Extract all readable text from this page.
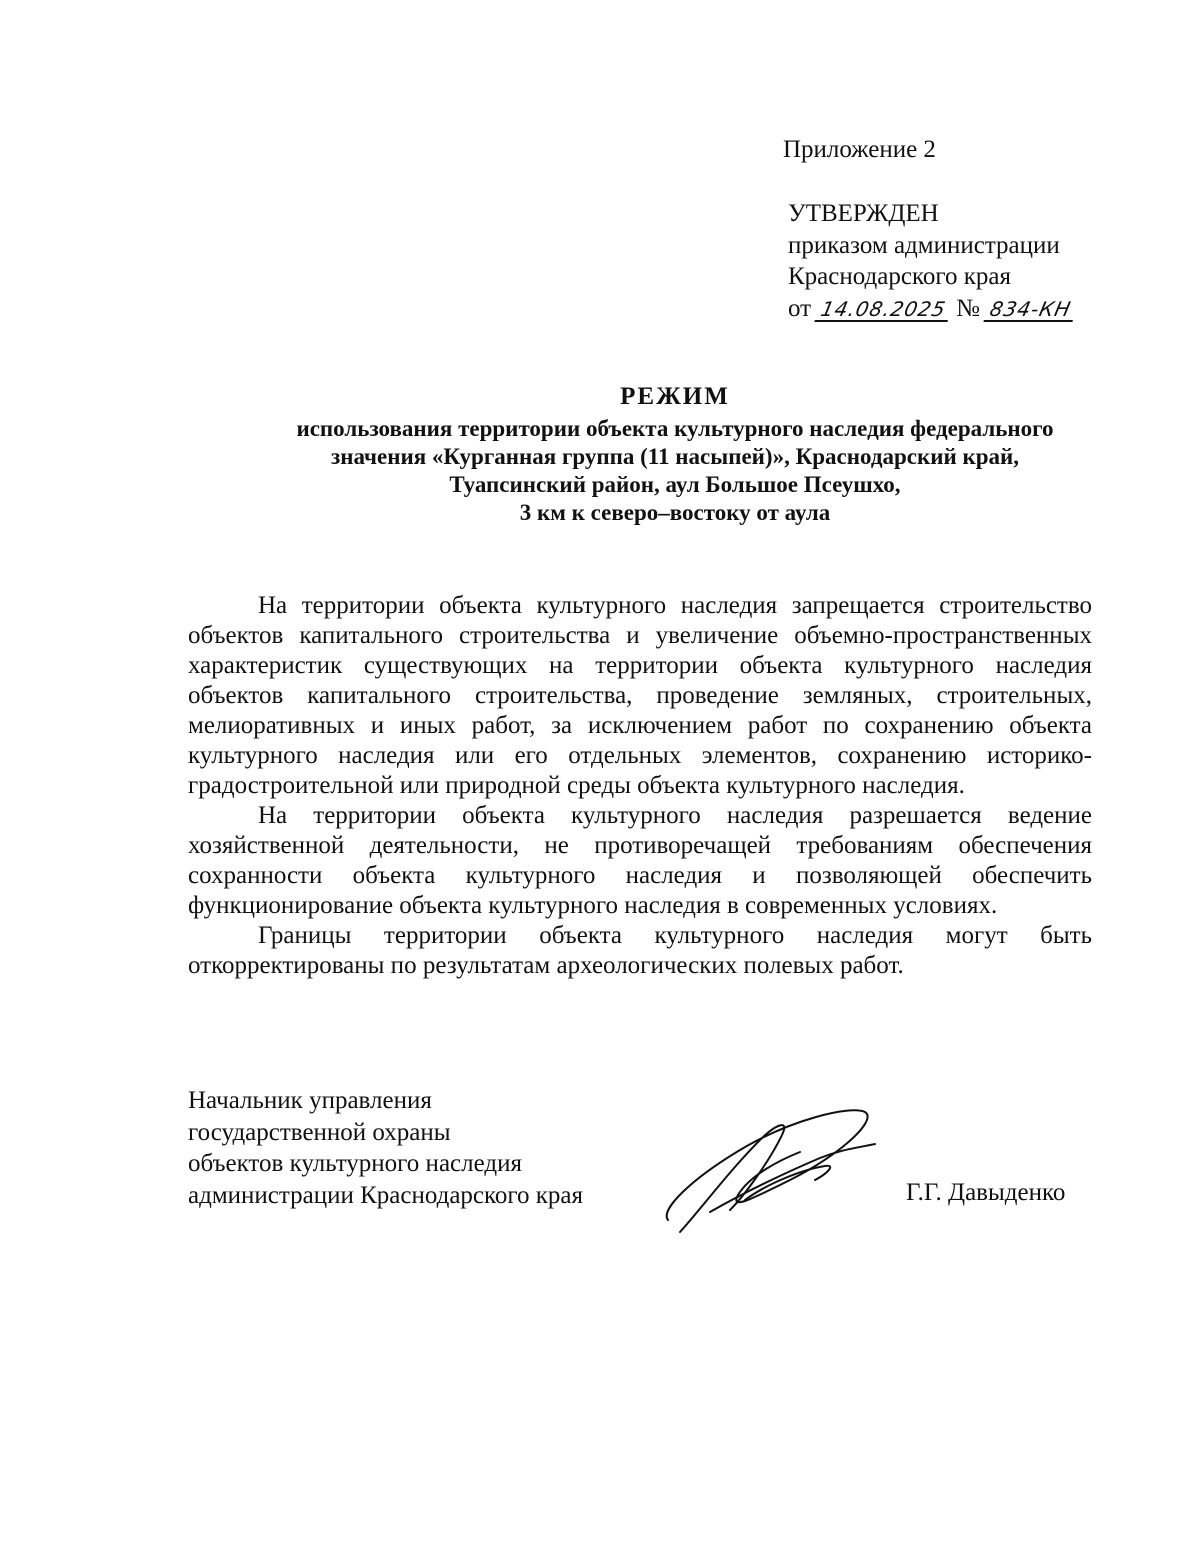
Приложение 2
УТВЕРЖДЕН
приказом администрации
Краснодарского края
от 14.08.2025 № 834-КН
РЕЖИМ
использования территории объекта культурного наследия федерального
значения «Курганная группа (11 насыпей)», Краснодарский край,
Туапсинский район, аул Большое Псеушхо,
3 км к северо–востоку от аула

На территории объекта культурного наследия запрещается строительство объектов капитального строительства и увеличение объемно-пространственных характеристик существующих на территории объекта культурного наследия объектов капитального строительства, проведение земляных, строительных, мелиоративных и иных работ, за исключением работ по сохранению объекта культурного наследия или его отдельных элементов, сохранению историко-градостроительной или природной среды объекта культурного наследия.

На территории объекта культурного наследия разрешается ведение хозяйственной деятельности, не противоречащей требованиям обеспечения сохранности объекта культурного наследия и позволяющей обеспечить функционирование объекта культурного наследия в современных условиях.

Границы территории объекта культурного наследия могут быть откорректированы по результатам археологических полевых работ.

Начальник управления
государственной охраны
объектов культурного наследия
администрации Краснодарского края	Г.Г. Давыденко
